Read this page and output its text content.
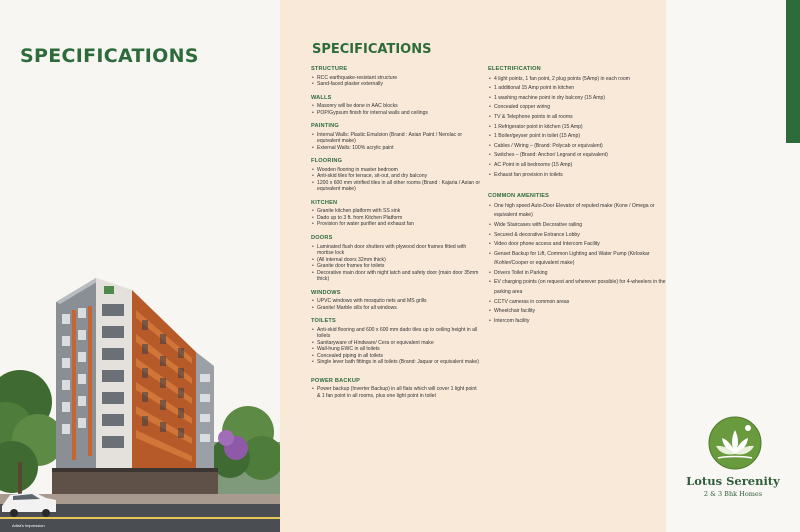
SPECIFICATIONS
Artist's Impression
SPECIFICATIONS
STRUCTURE
• RCC earthquake-resistant structure
• Sand-faced plaster externally
WALLS
• Masonry will be done in AAC blocks
• POP/Gypsum finish for internal walls and ceilings
PAINTING
• Internal Walls: Plastic Emulsion (Brand : Asian Paint / Nerolac or equivalent make)
• External Walls: 100% acrylic paint
FLOORING
• Wooden flooring in master bedroom
• Anti-skid tiles for terrace, sit-out, and dry balcony
• 1200 x 600 mm vitrified tiles in all other rooms (Brand : Kajaria / Asian or equivalent make)
KITCHEN
• Granite kitchen platform with SS sink
• Dado up to 3 ft. from Kitchen Platform
• Provision for water purifier and exhaust fan
DOORS
• Laminated flush door shutters with plywood door frames fitted with mortise lock
• (All internal doors 32mm thick)
• Granite door frames for toilets
• Decorative main door with night latch and safety door (main door 35mm thick)
WINDOWS
• UPVC windows with mosquito nets and MS grills
• Granite/ Marble sills for all windows
TOILETS
• Anti-skid flooring and 600 x 600 mm dado tiles up to ceiling height in all toilets
• Sanitaryware of Hindware/ Cera or equivalent make
• Wall-hung EWC in all toilets
• Concealed piping in all toilets
• Single lever bath fittings in all toilets (Brand: Jaquar or equivalent make)
POWER BACKUP
• Power backup (Inverter Backup) in all flats which will cover 1 light point & 1 fan point in all rooms, plus one light point in toilet
ELECTRIFICATION
• 4 light points, 1 fan point, 2 plug points (5Amp) in each room
• 1 additional 15 Amp point in kitchen
• 1 washing machine point in dry balcony (15 Amp)
• Concealed copper wiring
• TV & Telephone points in all rooms
• 1 Refrigerator point in kitchen (15 Amp)
• 1 Boiler/geyser point in toilet (15 Amp)
• Cables / Wiring – (Brand: Polycab or equivalent)
• Switches – (Brand: Anchor/ Legrand or equivalent)
• AC Point in all bedrooms (15 Amp)
• Exhaust fan provision in toilets
COMMON AMENITIES
• One high speed Auto-Door Elevator of reputed make (Kone / Omega or equivalent make)
• Wide Staircases with Decorative railing
• Secured & decorative Entrance Lobby
• Video door phone access and Intercom Facility
• Genset Backup for Lift, Common Lighting and Water Pump (Kirloskar /Kohler/Cooper or equivalent make)
• Drivers Toilet in Parking
• EV charging points (on request and wherever possible) for 4-wheelers in the parking area
• CCTV cameras in common areas
• Wheelchair facility
• Intercom facility
Lotus Serenity
2 & 3 Bhk Homes
